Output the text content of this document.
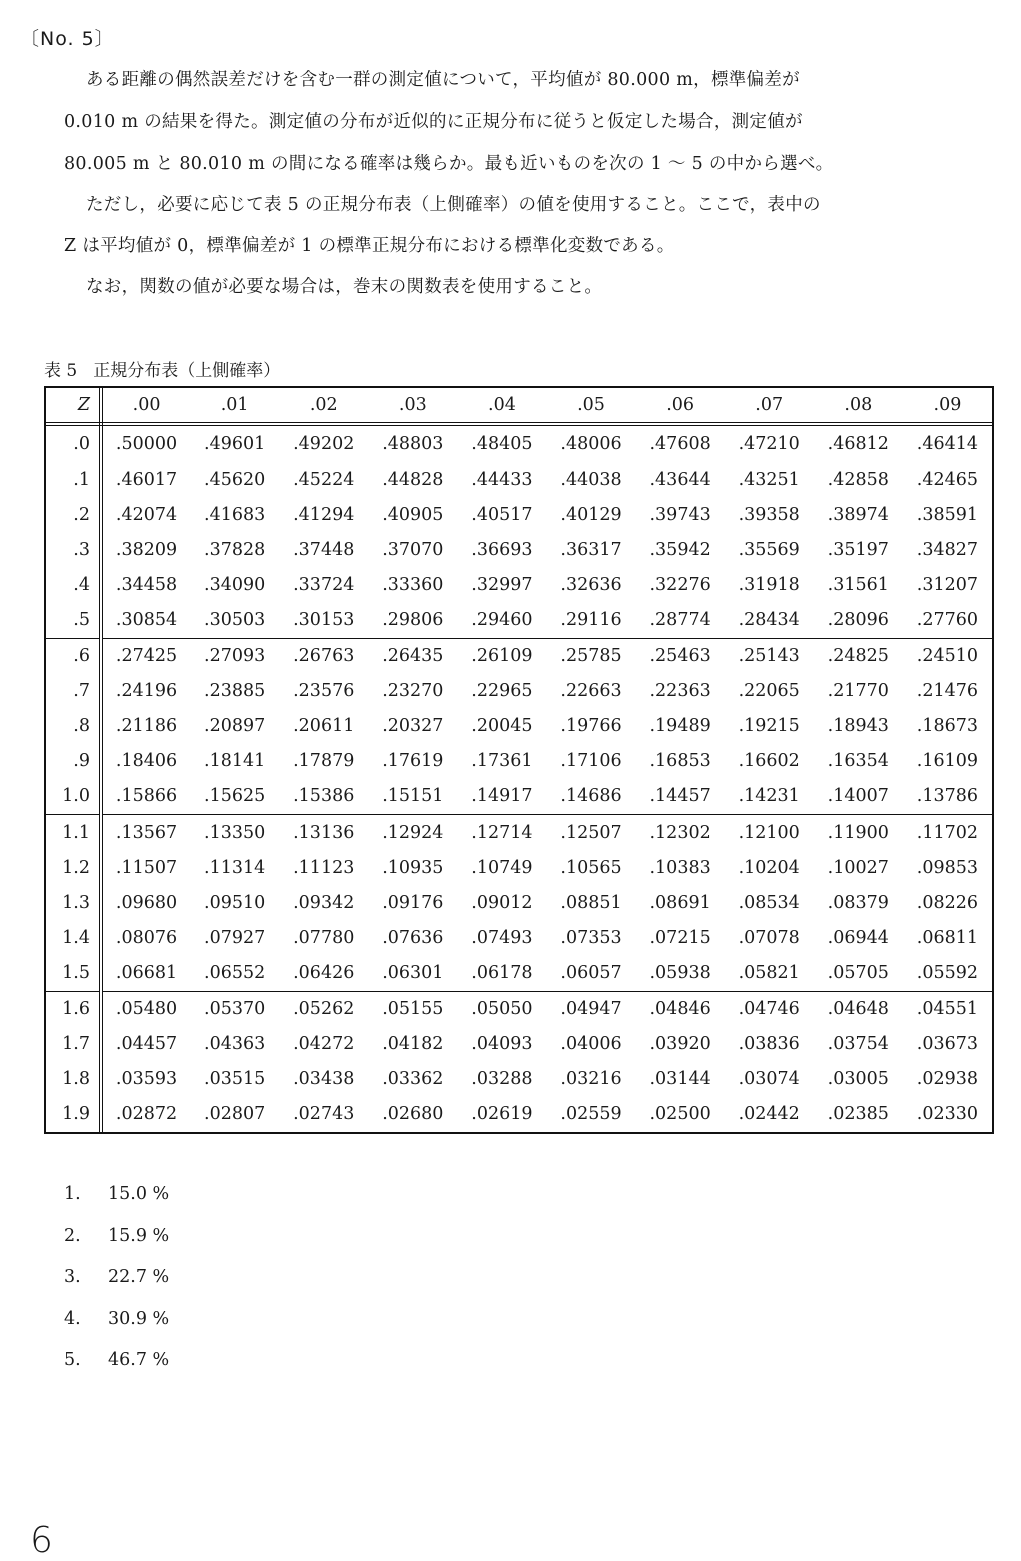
〔No. 5〕
ある距離の偶然誤差だけを含む一群の測定値について，平均値が 80.000 m，標準偏差が
0.010 m の結果を得た。測定値の分布が近似的に正規分布に従うと仮定した場合，測定値が
80.005 m と 80.010 m の間になる確率は幾らか。最も近いものを次の 1 ～ 5 の中から選べ。
ただし，必要に応じて表 5 の正規分布表（上側確率）の値を使用すること。ここで，表中の
Z は平均値が 0，標準偏差が 1 の標準正規分布における標準化変数である。
なお，関数の値が必要な場合は，巻末の関数表を使用すること。
表 5 正規分布表（上側確率）
Z	.00	.01	.02	.03	.04	.05	.06	.07	.08	.09
.0	.50000	.49601	.49202	.48803	.48405	.48006	.47608	.47210	.46812	.46414
.1	.46017	.45620	.45224	.44828	.44433	.44038	.43644	.43251	.42858	.42465
.2	.42074	.41683	.41294	.40905	.40517	.40129	.39743	.39358	.38974	.38591
.3	.38209	.37828	.37448	.37070	.36693	.36317	.35942	.35569	.35197	.34827
.4	.34458	.34090	.33724	.33360	.32997	.32636	.32276	.31918	.31561	.31207
.5	.30854	.30503	.30153	.29806	.29460	.29116	.28774	.28434	.28096	.27760
.6	.27425	.27093	.26763	.26435	.26109	.25785	.25463	.25143	.24825	.24510
.7	.24196	.23885	.23576	.23270	.22965	.22663	.22363	.22065	.21770	.21476
.8	.21186	.20897	.20611	.20327	.20045	.19766	.19489	.19215	.18943	.18673
.9	.18406	.18141	.17879	.17619	.17361	.17106	.16853	.16602	.16354	.16109
1.0	.15866	.15625	.15386	.15151	.14917	.14686	.14457	.14231	.14007	.13786
1.1	.13567	.13350	.13136	.12924	.12714	.12507	.12302	.12100	.11900	.11702
1.2	.11507	.11314	.11123	.10935	.10749	.10565	.10383	.10204	.10027	.09853
1.3	.09680	.09510	.09342	.09176	.09012	.08851	.08691	.08534	.08379	.08226
1.4	.08076	.07927	.07780	.07636	.07493	.07353	.07215	.07078	.06944	.06811
1.5	.06681	.06552	.06426	.06301	.06178	.06057	.05938	.05821	.05705	.05592
1.6	.05480	.05370	.05262	.05155	.05050	.04947	.04846	.04746	.04648	.04551
1.7	.04457	.04363	.04272	.04182	.04093	.04006	.03920	.03836	.03754	.03673
1.8	.03593	.03515	.03438	.03362	.03288	.03216	.03144	.03074	.03005	.02938
1.9	.02872	.02807	.02743	.02680	.02619	.02559	.02500	.02442	.02385	.02330
1.	15.0 %
2.	15.9 %
3.	22.7 %
4.	30.9 %
5.	46.7 %
6
